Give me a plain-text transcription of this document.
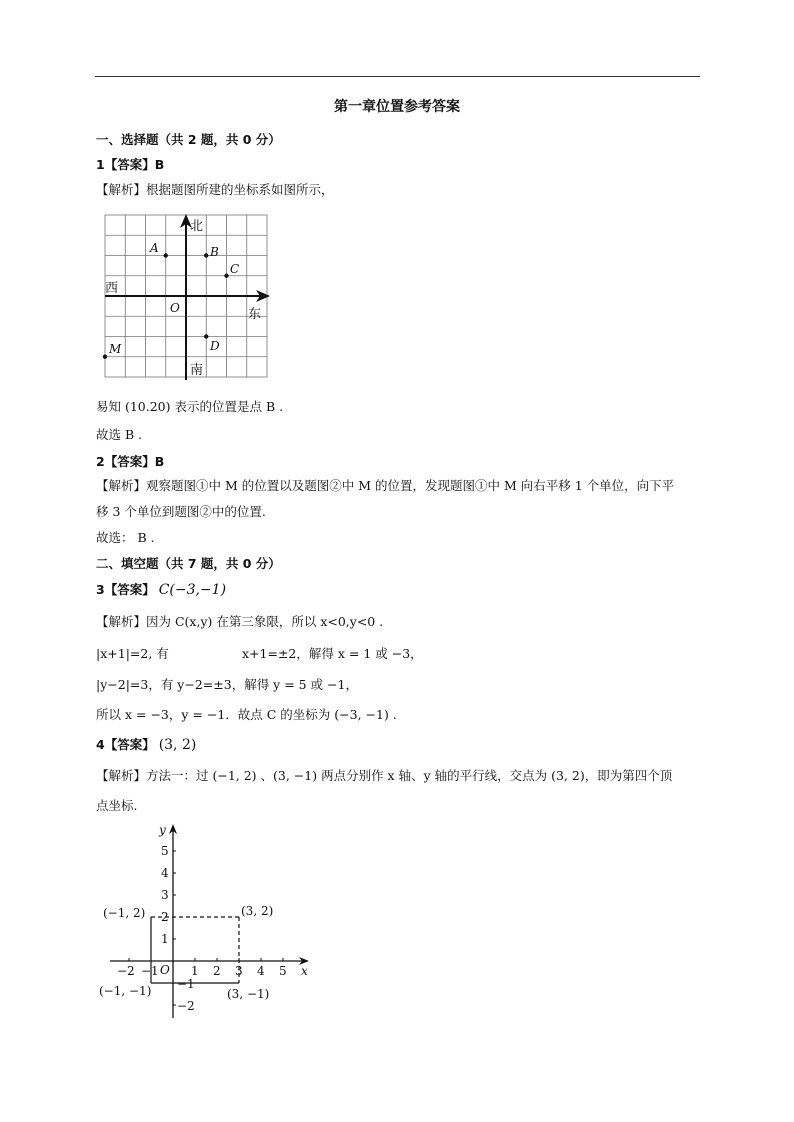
第一章位置参考答案
一、选择题（共 2 题，共 0 分）
1【答案】B
【解析】根据题图所建的坐标系如图所示，
北
南
东
西
A	B
C
O
D
M
易知 (10.20) 表示的位置是点 B .
故选 B .
2【答案】B
【解析】观察题图①中 M 的位置以及题图②中 M 的位置，发现题图①中 M 向右平移 1 个单位，向下平
移 3 个单位到题图②中的位置.
故选： B .
二、填空题（共 7 题，共 0 分）
3【答案】 C(−3,−1)
【解析】因为 C(x,y) 在第三象限，所以 x<0,y<0 .
|x+1|=2, 有	x+1=±2，解得 x = 1 或 −3，
|y−2|=3，有 y−2=±3，解得 y = 5 或 −1，
所以 x = −3，y = −1．故点 C 的坐标为 (−3, −1) .
4【答案】 (3, 2)
【解析】方法一：过 (−1, 2) 、(3, −1) 两点分别作 x 轴、y 轴的平行线，交点为 (3, 2)，即为第四个顶
点坐标.
y
x
O
−2 −1	1 2 3 4 5
5
4
3
2
1
−1
−2
(−1, 2)	(3, 2)
(−1, −1)	(3, −1)
